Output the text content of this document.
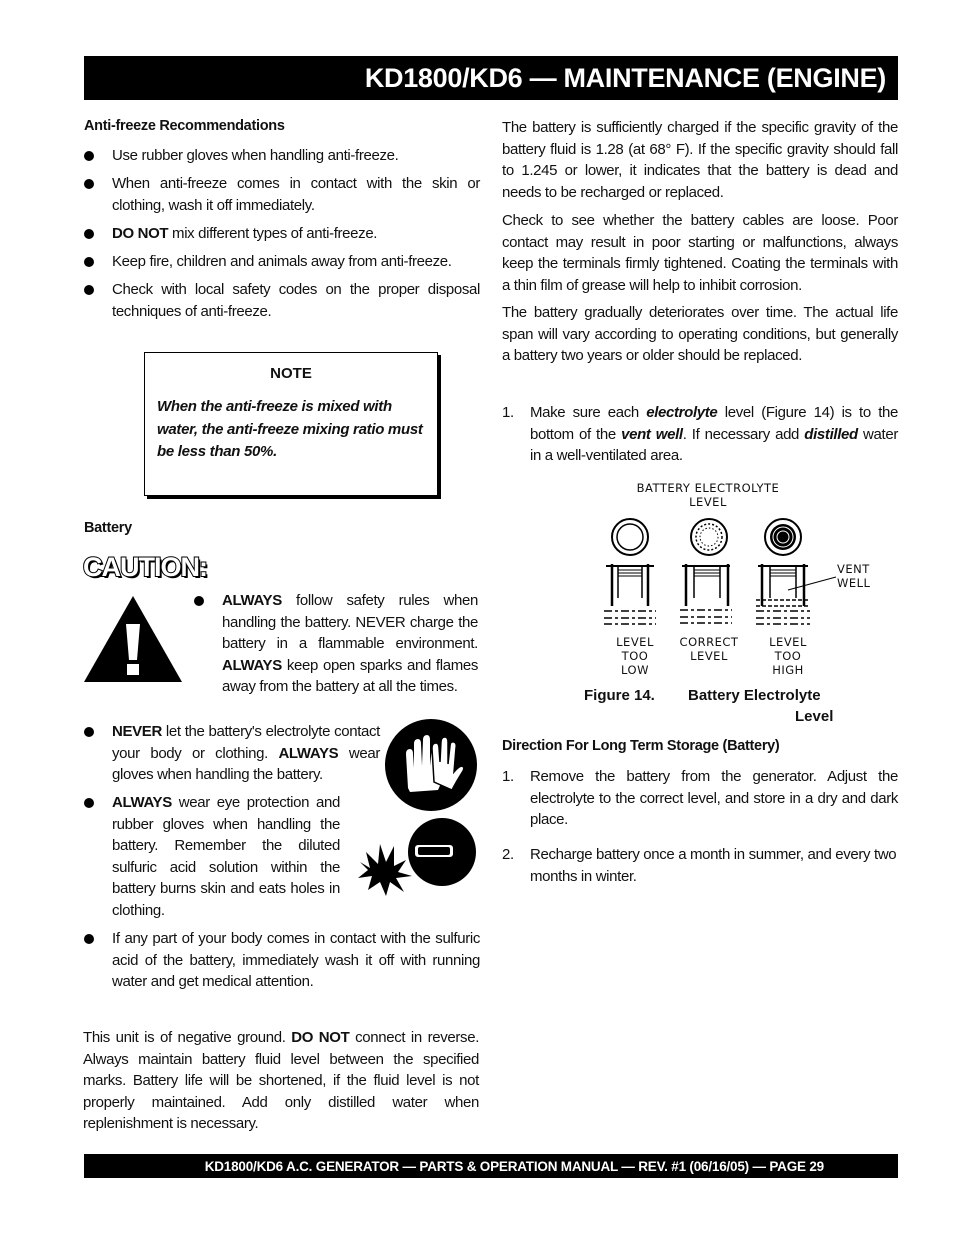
KD1800/KD6 — MAINTENANCE (ENGINE)
Anti-freeze Recommendations
Use rubber gloves when handling anti-freeze.
When anti-freeze comes in contact with the skin or clothing, wash it off immediately.
DO NOT mix different types of anti-freeze.
Keep fire, children and animals away from anti-freeze.
Check with local safety codes on the proper disposal techniques of anti-freeze.
NOTE
When the anti-freeze is mixed with water, the anti-freeze mixing ratio must be less than 50%.
Battery
CAUTION:
ALWAYS follow safety rules when handling the battery. NEVER charge the battery in a flammable environment. ALWAYS keep open sparks and flames away from the battery at all the times.
NEVER let the battery's electrolyte contact your body or clothing. ALWAYS wear gloves when handling the battery.
ALWAYS wear eye protection and rubber gloves when handling the battery. Remember the diluted sulfuric acid solution within the battery burns skin and eats holes in clothing.
If any part of your body comes in contact with the sulfuric acid of the battery, immediately wash it off with running water and get medical attention.
This unit is of negative ground. DO NOT connect in reverse. Always maintain battery fluid level between the specified marks. Battery life will be shortened, if the fluid level is not properly maintained. Add only distilled water when replenishment is necessary.
The battery is sufficiently charged if the specific gravity of the battery fluid is 1.28 (at 68° F). If the specific gravity should fall to 1.245 or lower, it indicates that the battery is dead and needs to be recharged or replaced.
Check to see whether the battery cables are loose. Poor contact may result in poor starting or malfunctions, always keep the terminals firmly tightened. Coating the terminals with a thin film of grease will help to inhibit corrosion.
The battery gradually deteriorates over time. The actual life span will vary according to operating conditions, but generally a battery two years or older should be replaced.
1. Make sure each electrolyte level (Figure 14) is to the bottom of the vent well. If necessary add distilled water in a well-ventilated area.
BATTERY ELECTROLYTE
LEVEL
VENT
WELL
LEVEL
TOO
LOW
CORRECT
LEVEL
LEVEL
TOO
HIGH
Figure 14. Battery Electrolyte
Level
Direction For Long Term Storage (Battery)
1. Remove the battery from the generator. Adjust the electrolyte to the correct level, and store in a dry and dark place.
2. Recharge battery once a month in summer, and every two months in winter.
KD1800/KD6 A.C. GENERATOR — PARTS & OPERATION MANUAL — REV. #1 (06/16/05) — PAGE 29
